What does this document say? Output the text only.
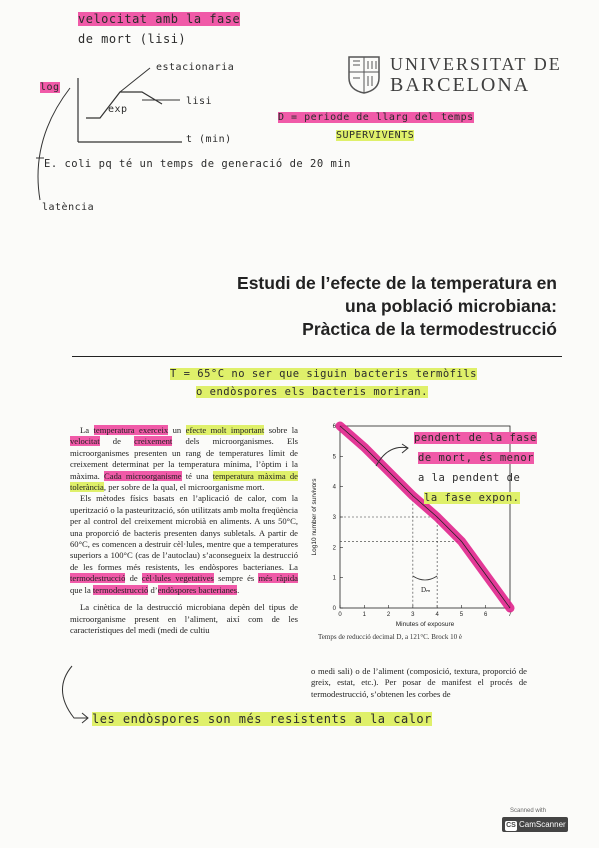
velocitat amb la fase
de mort (lisi)
estacionaria
log
exp
lisi
t (min)
D = periode de llarg del temps
SUPERVIVENTS
E. coli pq té un temps de generació de 20 min
latència
UNIVERSITAT DE
BARCELONA
Estudi de l’efecte de la temperatura en
una població microbiana:
Pràctica de la termodestrucció
T = 65°C no ser que siguin bacteris termòfils
o endòspores els bacteris moriran.

La temperatura exerceix un efecte molt important sobre la velocitat de creixement dels microorganismes. Els microorganismes presenten un rang de temperatures límit de creixement determinat per la temperatura mínima, l’òptim i la màxima. Cada microorganisme té una temperatura màxima de tolerància, per sobre de la qual, el microorganisme mort.

Els mètodes físics basats en l’aplicació de calor, com la uperització o la pasteurització, són utilitzats amb molta freqüència per al control del creixement microbià en aliments. A uns 50°C, una proporció de bacteris presenten danys subletals. A partir de 60°C, es comencen a destruir cèl·lules, mentre que a temperatures superiors a 100°C (cas de l’autoclau) s’aconsegueix la destrucció de les formes més resistents, les endòspores bacterianes. La termodestrucció de cèl·lules vegetatives sempre és més ràpida que la termodestrucció d’endòspores bacterianes.

La cinètica de la destrucció microbiana depèn del tipus de microorganisme present en l’aliment, així com de les característiques del medi (medi de cultiu

0	1	2	3	4	5	6	7
0
1
2
3
4
5
6
Dₘ
Minutes of exposure
Log10 number of survivors
Temps de reducció decimal D, a 121°C. Brock 10 è
pendent de la fase
de mort, és menor
a la pendent de
la fase expon.
o medi sali) o de l’aliment (composició, textura, proporció de greix, estat, etc.). Per posar de manifest el procés de termodestrucció, s’obtenen les corbes de
les endòspores son més resistents a la calor
Scanned with
CS CamScanner
